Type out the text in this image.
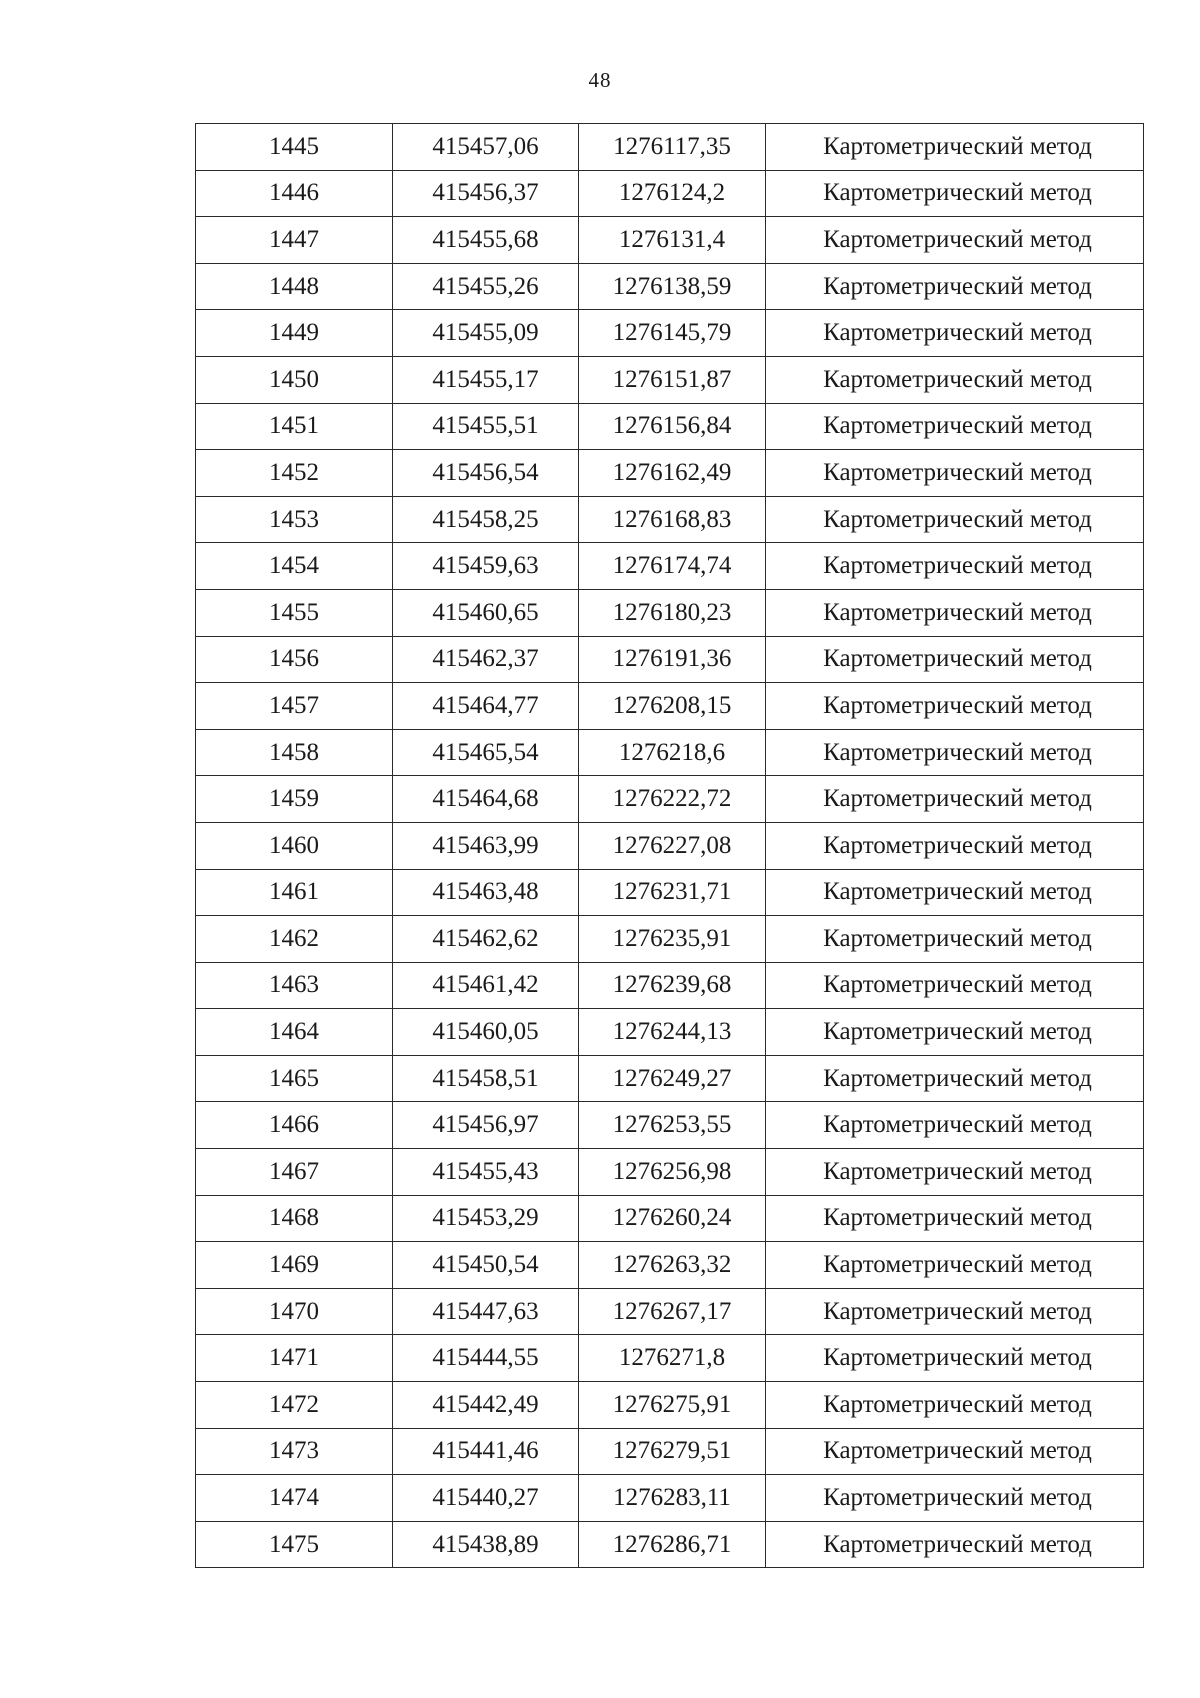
48
1445	415457,06	1276117,35	Картометрический метод
1446	415456,37	1276124,2	Картометрический метод
1447	415455,68	1276131,4	Картометрический метод
1448	415455,26	1276138,59	Картометрический метод
1449	415455,09	1276145,79	Картометрический метод
1450	415455,17	1276151,87	Картометрический метод
1451	415455,51	1276156,84	Картометрический метод
1452	415456,54	1276162,49	Картометрический метод
1453	415458,25	1276168,83	Картометрический метод
1454	415459,63	1276174,74	Картометрический метод
1455	415460,65	1276180,23	Картометрический метод
1456	415462,37	1276191,36	Картометрический метод
1457	415464,77	1276208,15	Картометрический метод
1458	415465,54	1276218,6	Картометрический метод
1459	415464,68	1276222,72	Картометрический метод
1460	415463,99	1276227,08	Картометрический метод
1461	415463,48	1276231,71	Картометрический метод
1462	415462,62	1276235,91	Картометрический метод
1463	415461,42	1276239,68	Картометрический метод
1464	415460,05	1276244,13	Картометрический метод
1465	415458,51	1276249,27	Картометрический метод
1466	415456,97	1276253,55	Картометрический метод
1467	415455,43	1276256,98	Картометрический метод
1468	415453,29	1276260,24	Картометрический метод
1469	415450,54	1276263,32	Картометрический метод
1470	415447,63	1276267,17	Картометрический метод
1471	415444,55	1276271,8	Картометрический метод
1472	415442,49	1276275,91	Картометрический метод
1473	415441,46	1276279,51	Картометрический метод
1474	415440,27	1276283,11	Картометрический метод
1475	415438,89	1276286,71	Картометрический метод
